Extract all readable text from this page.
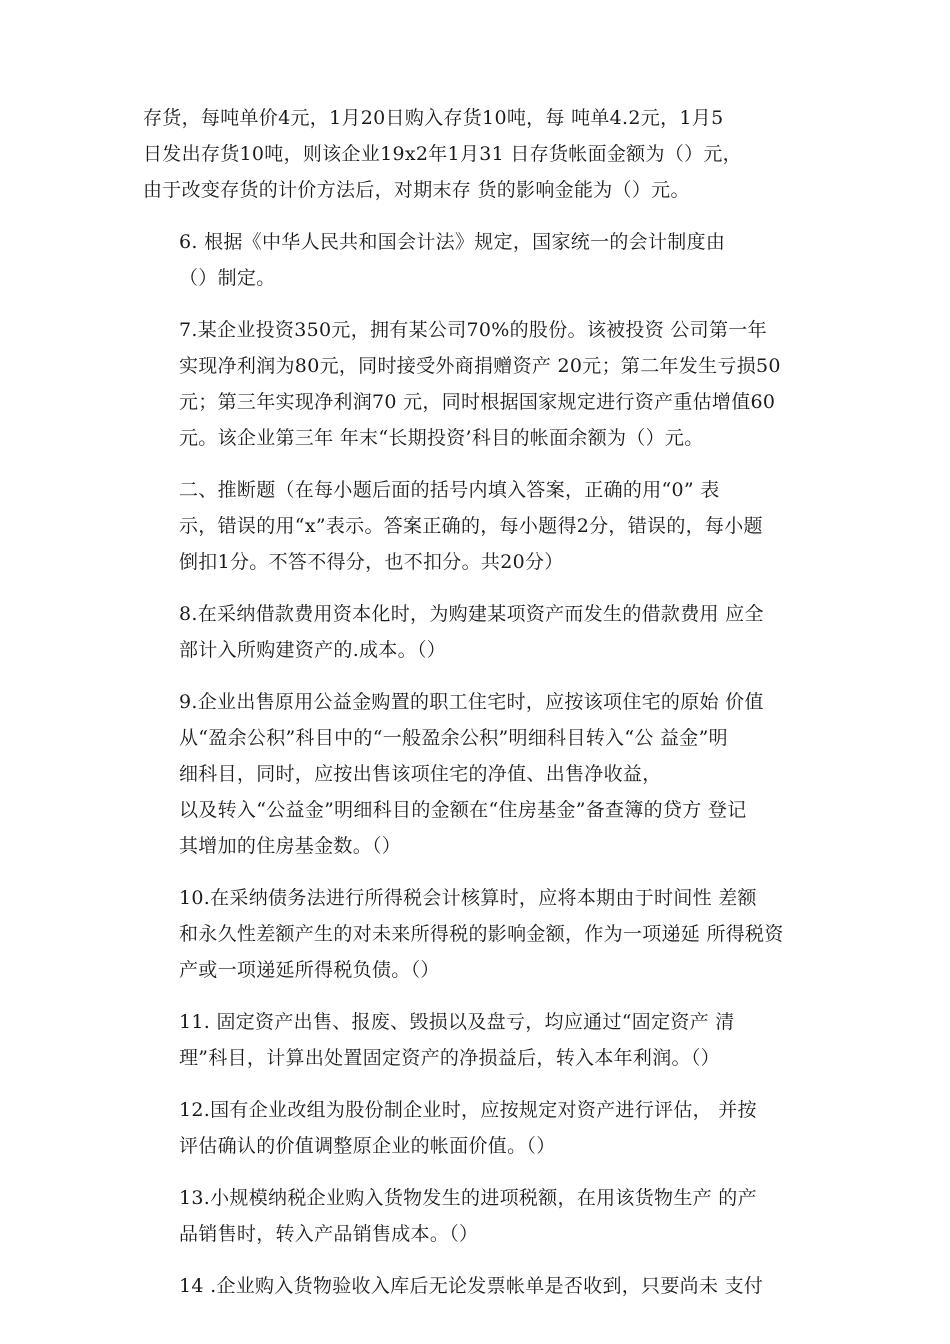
存货，每吨单价4元，1月20日购入存货10吨，每 吨单4.2元，1月5
日发出存货10吨，则该企业19x2年1月31 日存货帐面金额为（）元，
由于改变存货的计价方法后，对期末存 货的影响金能为（）元。

6. 根据《中华人民共和国会计法》规定，国家统一的会计制度由
（）制定。

7.某企业投资350元，拥有某公司70%的股份。该被投资 公司第一年
实现净利润为80元，同时接受外商捐赠资产 20元；第二年发生亏损50
元；第三年实现净利润70 元，同时根据国家规定进行资产重估增值60
元。该企业第三年 年末“长期投资’科目的帐面余额为（）元。

二、推断题（在每小题后面的括号内填入答案，正确的用“0” 表
示，错误的用“x”表示。答案正确的，每小题得2分，错误的，每小题
倒扣1分。不答不得分，也不扣分。共20分）

8.在采纳借款费用资本化时，为购建某项资产而发生的借款费用 应全
部计入所购建资产的.成本。（）

9.企业出售原用公益金购置的职工住宅时，应按该项住宅的原始 价值
从“盈余公积”科目中的“一般盈余公积”明细科目转入“公 益金”明
细科目，同时，应按出售该项住宅的净值、出售净收益，
以及转入“公益金”明细科目的金额在“住房基金”备查簿的贷方 登记
其增加的住房基金数。（）

10.在采纳债务法进行所得税会计核算时，应将本期由于时间性 差额
和永久性差额产生的对未来所得税的影响金额，作为一项递延 所得税资
产或一项递延所得税负债。（）

11. 固定资产出售、报废、毁损以及盘亏，均应通过“固定资产 清
理”科目，计算出处置固定资产的净损益后，转入本年利润。（）

12.国有企业改组为股份制企业时，应按规定对资产进行评估， 并按
评估确认的价值调整原企业的帐面价值。（）

13.小规模纳税企业购入货物发生的进项税额，在用该货物生产 的产
品销售时，转入产品销售成本。（）

14 .企业购入货物验收入库后无论发票帐单是否收到，只要尚未 支付
